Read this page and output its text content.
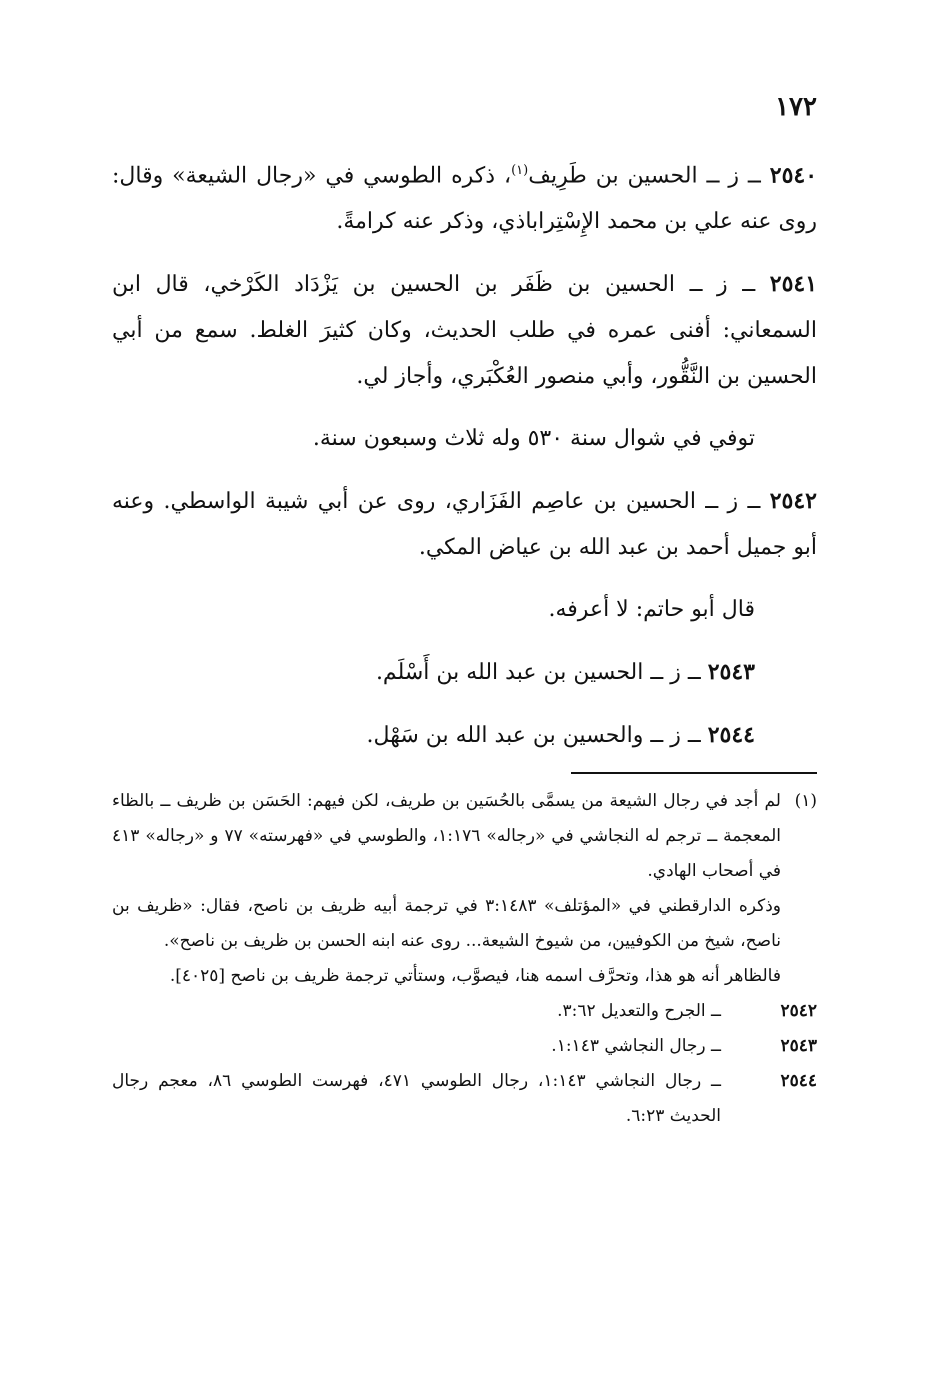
١٧٢

٢٥٤٠ ــ ز ــ الحسين بن طَرِيف$^{(١)}$، ذكره الطوسي في «رجال الشيعة» وقال: روى عنه علي بن محمد الإِسْتِراباذي، وذكر عنه كرامةً.

٢٥٤١ ــ ز ــ الحسين بن ظَفَر بن الحسين بن يَزْدَاد الكَرْخي، قال ابن السمعاني: أفنى عمره في طلب الحديث، وكان كثيرَ الغلط. سمع من أبي الحسين بن النَّقُّور، وأبي منصور العُكْبَري، وأجاز لي.

توفي في شوال سنة ٥٣٠ وله ثلاث وسبعون سنة.

٢٥٤٢ ــ ز ــ الحسين بن عاصِم الفَزَاري، روى عن أبي شيبة الواسطي. وعنه أبو جميل أحمد بن عبد الله بن عياض المكي.

قال أبو حاتم: لا أعرفه.

٢٥٤٣ ــ ز ــ الحسين بن عبد الله بن أَسْلَم.

٢٥٤٤ ــ ز ــ والحسين بن عبد الله بن سَهْل.

(١)

لم أجد في رجال الشيعة من يسمَّى بالحُسَين بن طريف، لكن فيهم: الحَسَن بن ظريف ــ بالظاء المعجمة ــ ترجم له النجاشي في «رجاله» ١:١٧٦، والطوسي في «فهرسته» ٧٧ و «رجاله» ٤١٣ في أصحاب الهادي.

وذكره الدارقطني في «المؤتلف» ٣:١٤٨٣ في ترجمة أبيه ظريف بن ناصح، فقال: «ظريف بن ناصح، شيخ من الكوفيين، من شيوخ الشيعة... روى عنه ابنه الحسن بن ظريف بن ناصح».

فالظاهر أنه هو هذا، وتحرَّف اسمه هنا، فيصوَّب، وستأتي ترجمة ظريف بن ناصح [٤٠٢٥].

٢٥٤٢
ــ الجرح والتعديل ٣:٦٢.

٢٥٤٣
ــ رجال النجاشي ١:١٤٣.

٢٥٤٤
ــ رجال النجاشي ١:١٤٣، رجال الطوسي ٤٧١، فهرست الطوسي ٨٦، معجم رجال الحديث ٦:٢٣.
